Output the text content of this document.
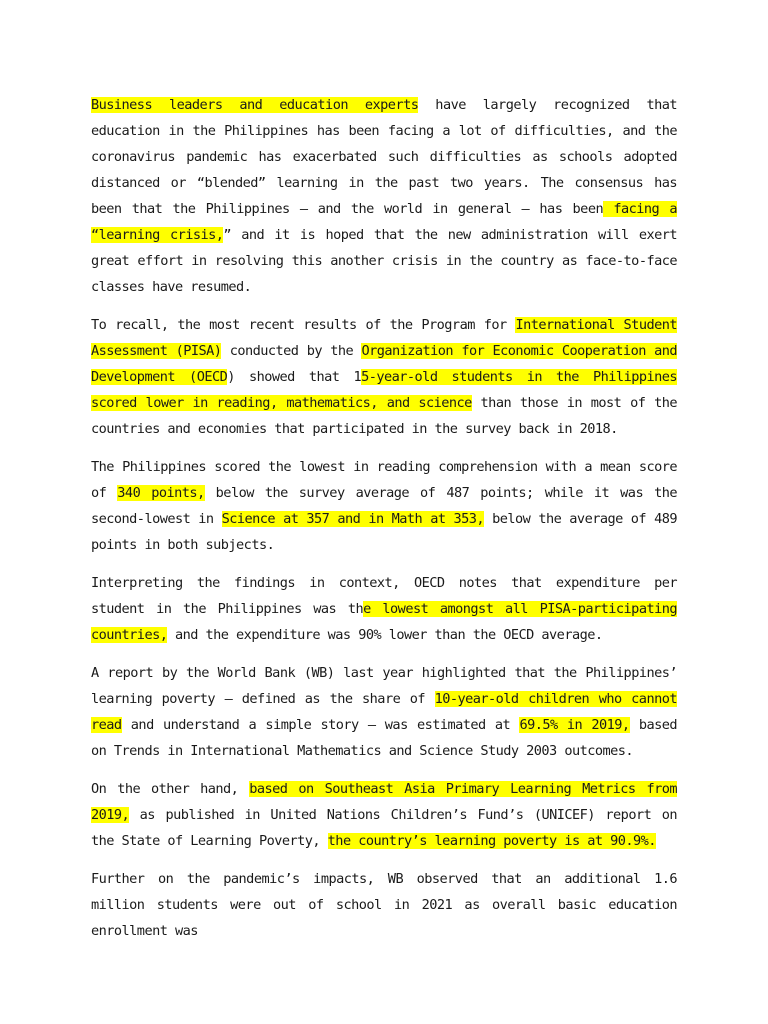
Business leaders and education experts have largely recognized that education in the Philippines has been facing a lot of difficulties, and the coronavirus pandemic has exacerbated such difficulties as schools adopted distanced or “blended” learning in the past two years. The consensus has been that the Philippines — and the world in general — has been facing a “learning crisis,” and it is hoped that the new administration will exert great effort in resolving this another crisis in the country as face-to-face classes have resumed.

To recall, the most recent results of the Program for International Student Assessment (PISA) conducted by the Organization for Economic Cooperation and Development (OECD) showed that 15-year-old students in the Philippines scored lower in reading, mathematics, and science than those in most of the countries and economies that participated in the survey back in 2018.

The Philippines scored the lowest in reading comprehension with a mean score of 340 points, below the survey average of 487 points; while it was the second-lowest in Science at 357 and in Math at 353, below the average of 489 points in both subjects.

Interpreting the findings in context, OECD notes that expenditure per student in the Philippines was the lowest amongst all PISA-participating countries, and the expenditure was 90% lower than the OECD average.

A report by the World Bank (WB) last year highlighted that the Philippines’ learning poverty — defined as the share of 10-year-old children who cannot read and understand a simple story — was estimated at 69.5% in 2019, based on Trends in International Mathematics and Science Study 2003 outcomes.

On the other hand, based on Southeast Asia Primary Learning Metrics from 2019, as published in United Nations Children’s Fund’s (UNICEF) report on the State of Learning Poverty, the country’s learning poverty is at 90.9%.

Further on the pandemic’s impacts, WB observed that an additional 1.6 million students were out of school in 2021 as overall basic education enrollment was
